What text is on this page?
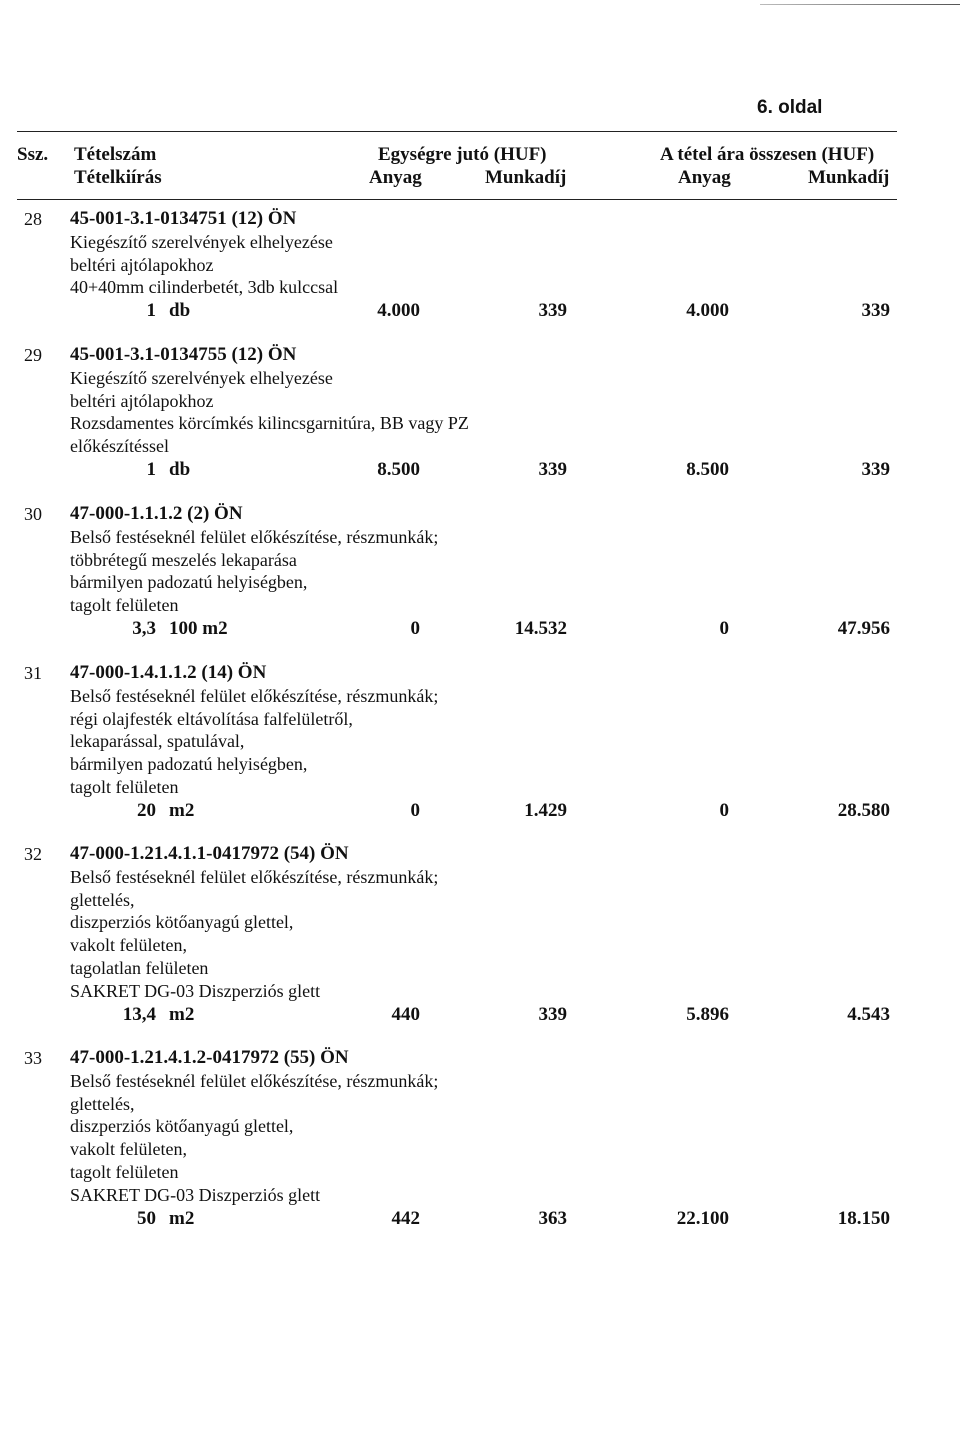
6. oldal
Ssz. Tételszám
Tételkiírás
Egységre jutó (HUF)	A tétel ára összesen (HUF)
Anyag	Munkadíj	Anyag	Munkadíj
28 45-001-3.1-0134751 (12) ÖN
Kiegészítő szerelvények elhelyezése
beltéri ajtólapokhoz
40+40mm cilinderbetét, 3db kulccsal
1 db	4.000	339	4.000	339
29 45-001-3.1-0134755 (12) ÖN
Kiegészítő szerelvények elhelyezése
beltéri ajtólapokhoz
Rozsdamentes körcímkés kilincsgarnitúra, BB vagy PZ
előkészítéssel
1 db	8.500	339	8.500	339
30 47-000-1.1.1.2 (2) ÖN
Belső festéseknél felület előkészítése, részmunkák;
többrétegű meszelés lekaparása
bármilyen padozatú helyiségben,
tagolt felületen
3,3 100 m2	0	14.532	0	47.956
31 47-000-1.4.1.1.2 (14) ÖN
Belső festéseknél felület előkészítése, részmunkák;
régi olajfesték eltávolítása falfelületről,
lekaparással, spatulával,
bármilyen padozatú helyiségben,
tagolt felületen
20 m2	0	1.429	0	28.580
32 47-000-1.21.4.1.1-0417972 (54) ÖN
Belső festéseknél felület előkészítése, részmunkák;
glettelés,
diszperziós kötőanyagú glettel,
vakolt felületen,
tagolatlan felületen
SAKRET DG-03 Diszperziós glett
13,4 m2	440	339	5.896	4.543
33 47-000-1.21.4.1.2-0417972 (55) ÖN
Belső festéseknél felület előkészítése, részmunkák;
glettelés,
diszperziós kötőanyagú glettel,
vakolt felületen,
tagolt felületen
SAKRET DG-03 Diszperziós glett
50 m2	442	363	22.100	18.150
